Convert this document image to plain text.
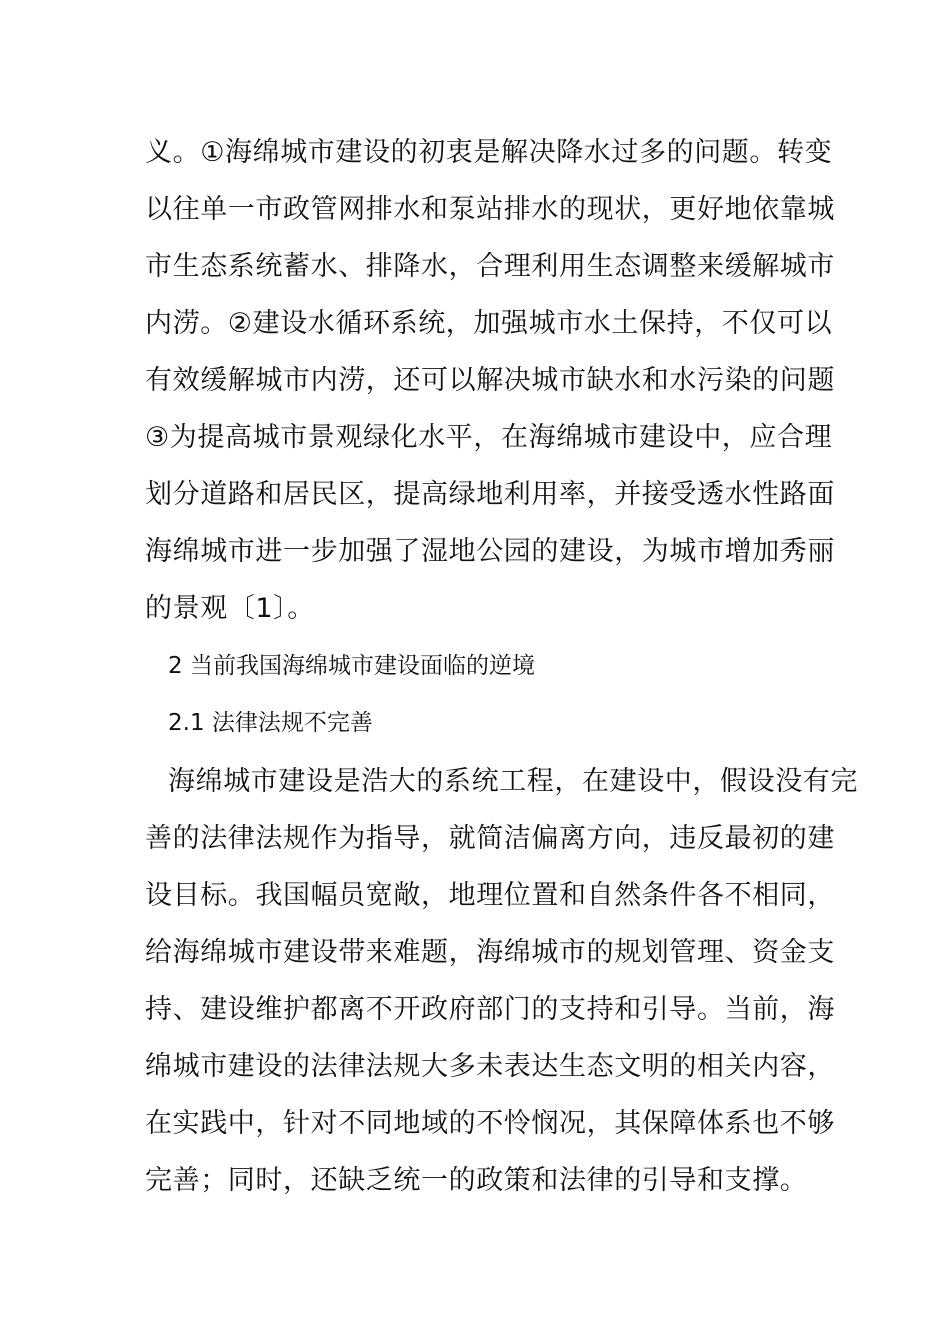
义。①海绵城市建设的初衷是解决降水过多的问题。转变
以往单一市政管网排水和泵站排水的现状，更好地依靠城
市生态系统蓄水、排降水，合理利用生态调整来缓解城市
内涝。②建设水循环系统，加强城市水土保持，不仅可以
有效缓解城市内涝，还可以解决城市缺水和水污染的问题
③为提高城市景观绿化水平，在海绵城市建设中，应合理
划分道路和居民区，提高绿地利用率，并接受透水性路面
海绵城市进一步加强了湿地公园的建设，为城市增加秀丽
的景观〔1〕。
2 当前我国海绵城市建设面临的逆境
2.1 法律法规不完善
海绵城市建设是浩大的系统工程，在建设中，假设没有完
善的法律法规作为指导，就简洁偏离方向，违反最初的建
设目标。我国幅员宽敞，地理位置和自然条件各不相同，
给海绵城市建设带来难题，海绵城市的规划管理、资金支
持、建设维护都离不开政府部门的支持和引导。当前，海
绵城市建设的法律法规大多未表达生态文明的相关内容，
在实践中，针对不同地域的不怜悯况，其保障体系也不够
完善；同时，还缺乏统一的政策和法律的引导和支撑。
